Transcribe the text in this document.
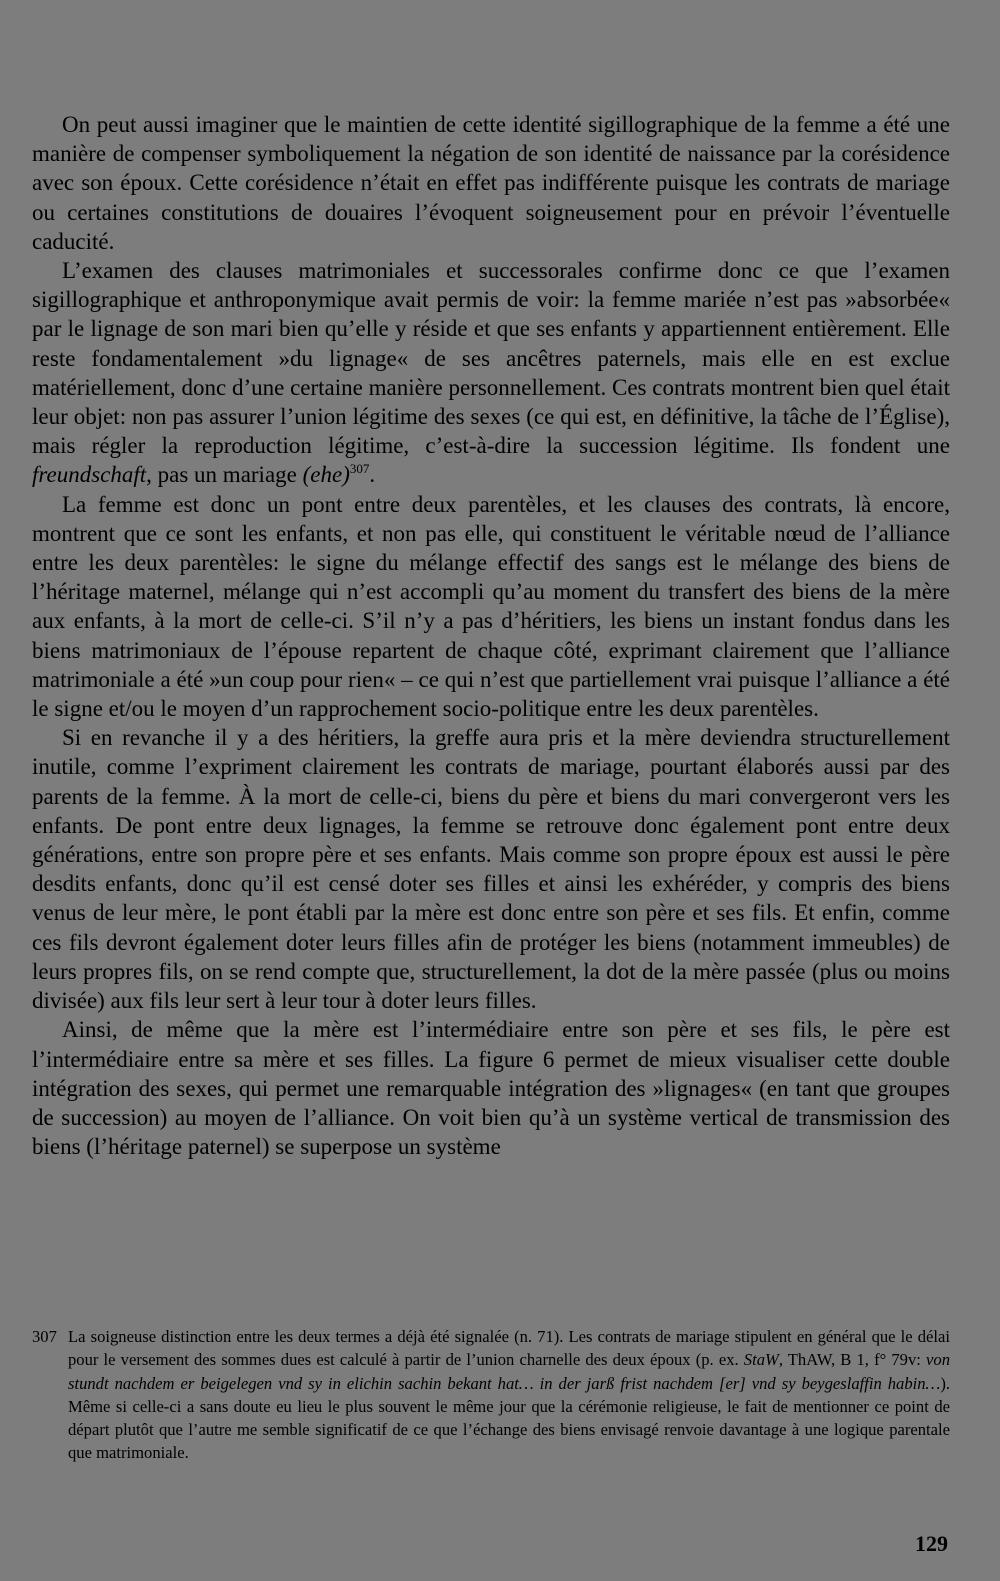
On peut aussi imaginer que le maintien de cette identité sigillographique de la femme a été une manière de compenser symboliquement la négation de son identité de naissance par la corésidence avec son époux. Cette corésidence n’était en effet pas indifférente puisque les contrats de mariage ou certaines constitutions de douaires l’évoquent soigneusement pour en prévoir l’éventuelle caducité.

L’examen des clauses matrimoniales et successorales confirme donc ce que l’examen sigillographique et anthroponymique avait permis de voir: la femme mariée n’est pas »absorbée« par le lignage de son mari bien qu’elle y réside et que ses enfants y appartiennent entièrement. Elle reste fondamentalement »du lignage« de ses ancêtres paternels, mais elle en est exclue matériellement, donc d’une certaine manière personnellement. Ces contrats montrent bien quel était leur objet: non pas assurer l’union légitime des sexes (ce qui est, en définitive, la tâche de l’Église), mais régler la reproduction légitime, c’est-à-dire la succession légitime. Ils fondent une freundschaft, pas un mariage (ehe)$^{307}$.

La femme est donc un pont entre deux parentèles, et les clauses des contrats, là encore, montrent que ce sont les enfants, et non pas elle, qui constituent le véritable nœud de l’alliance entre les deux parentèles: le signe du mélange effectif des sangs est le mélange des biens de l’héritage maternel, mélange qui n’est accompli qu’au moment du transfert des biens de la mère aux enfants, à la mort de celle-ci. S’il n’y a pas d’héritiers, les biens un instant fondus dans les biens matrimoniaux de l’épouse repartent de chaque côté, exprimant clairement que l’alliance matrimoniale a été »un coup pour rien« – ce qui n’est que partiellement vrai puisque l’alliance a été le signe et/ou le moyen d’un rapprochement socio-politique entre les deux parentèles.

Si en revanche il y a des héritiers, la greffe aura pris et la mère deviendra structurellement inutile, comme l’expriment clairement les contrats de mariage, pourtant élaborés aussi par des parents de la femme. À la mort de celle-ci, biens du père et biens du mari convergeront vers les enfants. De pont entre deux lignages, la femme se retrouve donc également pont entre deux générations, entre son propre père et ses enfants. Mais comme son propre époux est aussi le père desdits enfants, donc qu’il est censé doter ses filles et ainsi les exhéréder, y compris des biens venus de leur mère, le pont établi par la mère est donc entre son père et ses fils. Et enfin, comme ces fils devront également doter leurs filles afin de protéger les biens (notamment immeubles) de leurs propres fils, on se rend compte que, structurellement, la dot de la mère passée (plus ou moins divisée) aux fils leur sert à leur tour à doter leurs filles.

Ainsi, de même que la mère est l’intermédiaire entre son père et ses fils, le père est l’intermédiaire entre sa mère et ses filles. La figure 6 permet de mieux visualiser cette double intégration des sexes, qui permet une remarquable intégration des »lignages« (en tant que groupes de succession) au moyen de l’alliance. On voit bien qu’à un système vertical de transmission des biens (l’héritage paternel) se superpose un système

307 La soigneuse distinction entre les deux termes a déjà été signalée (n. 71). Les contrats de mariage stipulent en général que le délai pour le versement des sommes dues est calculé à partir de l’union charnelle des deux époux (p. ex. StaW, ThAW, B 1, f° 79v: von stundt nachdem er beigelegen vnd sy in elichin sachin bekant hat… in der jarß frist nachdem [er] vnd sy beygeslaffin habin…). Même si celle-ci a sans doute eu lieu le plus souvent le même jour que la cérémonie religieuse, le fait de mentionner ce point de départ plutôt que l’autre me semble significatif de ce que l’échange des biens envisagé renvoie davantage à une logique parentale que matrimoniale.
129
